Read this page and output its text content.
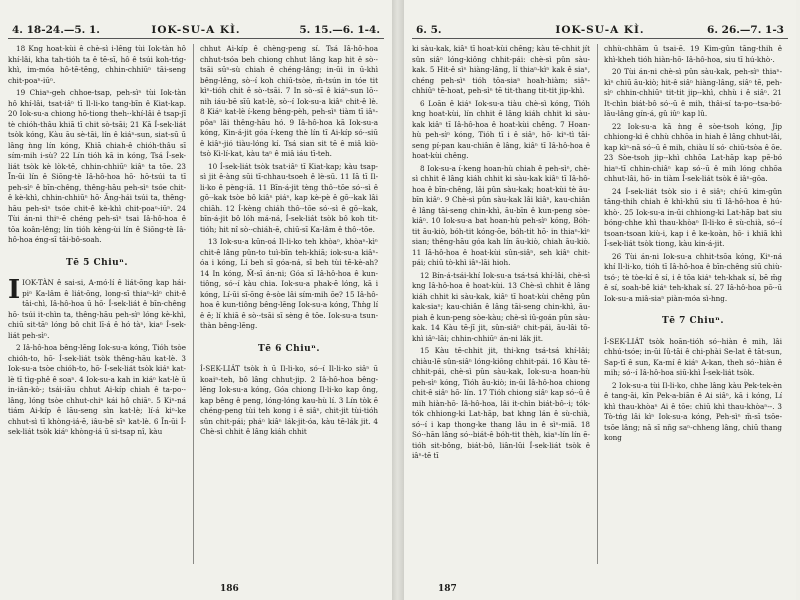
4. 18-24.—5. 1.	IOK-SU-A KÌ.	5. 15.—6. 1-4.

18 Kng hoat-kùi ê chè-sì i-lêng tùi Iok-tàn hô khí-lâi, kha tah-tióh ta ê tē-sī, hô ê tsúi koh-tńg-khì, im-móa hô-tē-tēng, chhin-chhiūⁿ tāi-seng chit-poaⁿ-iūⁿ.

19 Chiaⁿ-geh chhoe-tsap, peh-sìⁿ tùi Iok-tàn hô khí-lâi, tsat-iâⁿ tī Il-li-ko tang-bīn ê Kiat-kap. 20 Iok-su-a chiong hō-tiong theh-·khí-lâi ê tsap-jī tè chióh-thâu khiā tī chit sò-tsāi; 21 Kā Í-sek-liát tsòk kóng, Kàu āu sè-tāi, lín ê kiáⁿ-sun, siat-sū ū lâng ǹng lín kóng, Khiā chiah-ê chióh-thâu sī sím-mih i-sù? 22 Lín tióh kā in kóng, Tsá Í-sek-liát tsòk kè lòk-tē, chhin-chhiūⁿ kiâⁿ ta tōe. 23 Īn-ūi lín ê Siōng-tè Iâ-hô-hoa hō· hō-tsúi ta tī peh-sìⁿ ê bīn-chêng, thêng-hāu peh-sìⁿ tsóe chit-ê kè-khì, chhin-chhiūⁿ hō· Âng-hái tsúi ta, thêng-hāu peh-sìⁿ tsóe chit-ê kè-khì chit-poaⁿ-iūⁿ. 24 Tùi án-ni thiⁿ-ē chéng peh-sìⁿ tsai Iâ-hô-hoa ê tōa koân-lêng; lín tióh kèng-ùi lín ê Siōng-tè Iâ-hô-hoa éng-sī tāi-bô-soah.

Tē 5 Chiuⁿ.

IIOK-TÀN ê sai-si, A-mó·lí ê liát-ōng kap hái-piⁿ Ka-lâm ê liát-ōng, long-sī thiaⁿ-kìⁿ chit-ê tāi-chì, Iâ-hô-hoa ū hō· Í-sek-liát ê bīn-chêng hō· tsúi it-chìn ta, thêng-hāu peh-sìⁿ lóng kè-khì, chiū sit-tāⁿ lóng bô chit lī-á ê hó tàⁿ, kiaⁿ Í-sek-liát peh-sìⁿ.

2 Iâ-hô-hoa bêng-lēng Iok-su-a kóng, Tióh tsòe chióh-to, hō· Í-sek-liát tsòk thêng-hāu kat-lè. 3 Iok-su-a tsòe chióh-to, hō· Í-sek-liát tsòk kiáⁿ kat-lè tī tìg-phê ê soaⁿ. 4 Iok-su-a kah in kiáⁿ kat-lè ū in-iân-kò·; tsái-iāu chhut Ai-kíp chiah ê ta-po·-lâng, lóng tsòe chhut-chiⁿ kái hô chiāⁿ. 5 Kiⁿ-ná tiám Ai-kíp ê lāu-seng sìn kat-lè; lí-á kiⁿ-ke chhut-sì tī khòng-iá-ē, iâu-bē sīⁿ kat-lè. 6 În-ūi Í-sek-liát tsòk kiáⁿ khòng-iá ū si-tsap nî, kàu

chhut Ai-kíp ê chèng-peng sí. Tsá Iâ-hô-hoa chhut-tsóa beh chiong chhut lâng kap hit ê sò·-tsāi sūⁿ-sù chiah ê chéng-lâng; in-ūi in ū-khì bêng-lêng, sò·-í koh chiū-tsòe, m̄-tsún in tóe tit kìⁿ-tióh chit ê sò·-tsāi. 7 In sò·-sī ê kiáⁿ-sun lō·-nih iáu-bē sīū kat-lè, sò·-í Iok-su-a kiâⁿ chit-ê lè. 8 Kiáⁿ kat-lè í-keng bêng-pèh, peh-sìⁿ tiàm tī iâⁿ-pôaⁿ lāi thêng-hāu hó. 9 Iâ-hô-hoa kā Iok-su-a kóng, Kin-á-jit góa í-keng thè lín tī Ai-kíp só·-siū ê kiâⁿ-jió tiàu-lóng kí. Tsá sian sit tē ê miâ kiò-tsò Ki-lí-kat, kàu taⁿ ê miâ iáu tī-teh.

10 Í-sek-liát tsòk tsat-iâⁿ tī Kiat-kap; kàu tsap-sì jit ê-àng sūi tī-chhau-tsoeh ê lè-sū. 11 Iā tī Il-li-ko ê pèng-iā. 11 Bīn-á-jit tèng thô·-tōe só·-sì ê gō·-kak tsòe bô kiâⁿ piáⁿ, kap kè-pè ê gō·-kak lâi chiāh. 12 Í-kèng chiáh thô·-tōe só·-sì ê gō·-kak, bīn-á-jit bô lóh má-ná, Í-sek-liát tsòk bô koh tit-tióh; hit nî sò·-chiáh-ē, chiū-sī Ka-lâm ê thô·-tōe.

13 Iok-su-a kūn-oá Il-li-ko teh khòaⁿ, khòaⁿ-kìⁿ chit-ê lâng pûn-to tuì-bīn teh-khiā; iok-su-a kiâⁿ-óa i kóng, Lí beh sī góa-ná, sī beh tùi tē-kè-ah? 14 In kóng, M̄-sī án-ni; Góa sī Iâ-hô-hoa ê kun-tiông, só·-í kàu chia. Iok-su-a phak-ē lóng, kā i kóng, Lí-ūi sī-ōng ê-sòe lâi sím-mih ōe? 15 Iâ-hô-hoa ê kun-tiông bêng-lēng Iok-su-a kóng, Thǹg lí ê ē; lí khiā ê sò·-tsāi sī sèng ê tōe. Iok-su-a tsun-thàn bêng-lēng.

Tē 6 Chiuⁿ.

Í-SEK-LIÁT tsòk ǹ ū Il-li-ko, só·-í Il-li-ko siâⁿ ū koaiⁿ-teh, bô lâng chhut-jip. 2 Iâ-hô-hoa bêng-lēng Iok-su-a kóng, Góa chiong Il-li-ko kap ông, kap bêng ê peng, lóng-lóng kau-hù lí. 3 Lín tòk ē chéng-peng tùi teh kong i ê siâⁿ, chit-jit tùi-tióh sûn chit-pái; pháⁿ kiâⁿ lák-jit-óa, kàu tē-lák jit. 4 Chè-sì chhit ê lâng kiáh chhit

186
6. 5.	IOK-SU-A KÌ.	6. 26.—7. 1-3

ki sàu-kak, kiâⁿ tī hoat-kùi chêng; kàu tē-chhit jít sûn siâⁿ lóng-kiông chhit-pái: chè-sì pûn sàu-kak. 5 Hit-ê sìⁿ hiàng-lâng, lí thiaⁿ-kìⁿ kak ê siaⁿ, chéng peh-sìⁿ tióh tōa-siaⁿ hoah-hiàm; siâⁿ-chhiûⁿ tē-hoat, peh-sìⁿ tē tit-thang tit-tit jip-khì.

6 Loān ê kiáⁿ Iok-su-a tiàu chè-sì kóng, Tióh kng hoat-kùi, lín chhit ê lâng kiáh chhit ki sàu-kak kiâⁿ tī Iâ-hô-hoa ê hoat-kùi chêng. 7 Hoan-hù peh-sìⁿ kóng, Tióh tī i ê siâⁿ, hō· kiⁿ-tì tāi-seng pí-pan kau-chiân ê lâng, kiâⁿ tī Iâ-hô-hoa ê hoat-kùi chêng.

8 Iok-su-a í-keng hoan-hù chiah ê peh-sìⁿ, chè-sì chhit ê lâng kiáh chhit ki sàu-kak kiâⁿ tī Iâ-hô-hoa ê bīn-chêng, lâi pûn sàu-kak; hoat-kùi tè āu-bīn kiâⁿ. 9 Chè-sì pûn sàu-kak lâi kiâⁿ, kau-chiân ê lâng tāi-seng chin-khì, āu-bīn ê kun-peng sòe-kiâⁿ. 10 Iok-su-a bat hoan-hù peh-sìⁿ kóng, Bóh-tit āu-kiò, bóh-tit kóng-ōe, bóh-tit hō· in thiaⁿ-kìⁿ sian; thêng-hāu góa kah lín āu-kiò, chiah āu-kiò. 11 Iâ-hô-hoa ê hoat-kùi sûn-siâⁿ, seh kiâⁿ chit-pái; chiū tò-khì iâⁿ-lāi hioh.

12 Bín-á-tsái-khí Iok-su-a tsá-tsá khí-lâi, chè-sì kng Iâ-hô-hoa ê hoat-kùi. 13 Chè-sì chhit ê lâng kiáh chhit ki sàu-kak, kiâⁿ tī hoat-kùi chêng pûn kak-siaⁿ; kau-chiân ê lâng tāi-seng chin-khì, āu-piah ê kun-peng sòe-kàu; chè-sì iû-goán pûn sàu-kak. 14 Kàu tē-jī jit, sûn-siâⁿ chit-pái, āu-lâi tō-khì iâⁿ-lāi; chhin-chhiūⁿ án-ni lák jit.

15 Kàu tē-chhit jit, thi-kng tsá-tsá khí-lâi; chiàu-lē sûn-siâⁿ lóng-kiông chhit-pái. 16 Kàu tē-chhit-pái, chè-sì pûn sàu-kak, Iok-su-a hoan-hù peh-sìⁿ kóng, Tióh āu-kiò; in-ūi Iâ-hô-hoa chiong chit-ê siâⁿ hō· lín. 17 Tióh chiong siâⁿ kap só·-ū ê mih hiàn-hō· Iâ-hô-hoa, lâi it-chìn biát-bô-·i; tók-tók chhiong-ki Lat-hāp, bat khng lán ê sù-chià, só·-í i kap thong-ke thang lâu in ê sìⁿ-miā. 18 Só·-hān lâng só·-biát-ê bóh-tit thèh, kiaⁿ-lín lín ē-tióh sit-bông, biát-bô, liân-lūi Í-sek-liát tsòk ê iâⁿ-tē tī

chhù-chhām ū tsai-ē. 19 Kim-gûn tāng-thih ê khì-kheh tióh hiàn-hō· Iâ-hô-hoa, siu tī hú-khò·.

20 Tùi án-ni chè-sì pûn sàu-kak, peh-sìⁿ thiaⁿ-kìⁿ chiū āu-kiò; hit-ê siâⁿ hiàng-lâng, siâⁿ tē, peh-sìⁿ chhin-chhiūⁿ tit-tit jip--khì, chhù i ê siâⁿ. 21 It-chìn biát-bô só·-ū ê mih, thâi-sí ta-po·-tsa-bó· lāu-lâng gín-á, gû iûⁿ kap lû.

22 Iok-su-a kā ǹng ê sòe-tsoh kóng, Jip chhiong-ki ê chhù chhōa in hiah ê lâng chhut-lâi, kap kìⁿ-nā só·-ū ê mih, chiàu lí só· chiū-tsòa ê ōe. 23 Sòe-tsoh jip--khì chhōa Lat-hāp kap pē-bó hiaⁿ-tī chhin-chiâⁿ kap só·-ū ê mih lóng chhōa chhut-lâi, hō· in tiàm Í-sek-liát tsòk ê iâⁿ-gōa.

24 Í-sek-liát tsòk sio i ê siâⁿ; chí-ū kim-gûn tāng-thih chiah ê khì-khū siu tī Iâ-hô-hoa ê hú-khò·. 25 Iok-su-a in-ūi chhiong-ki Lat-hāp bat siu bóng-chhe khì thau-khòaⁿ Il-li-ko ê sù-chià, só·-í tsoan-tsoan kiù-i, kap i ê ke-koàn, hō· i khiā khì Í-sek-liát tsòk tiong, kàu kin-á-jit.

26 Tùi án-ni Iok-su-a chhit-tsōa kóng, Kiⁿ-ná khí Il-li-ko, tióh tī Iâ-hô-hoa ê bīn-chêng siū chiù-tsó·; tè tòe-kí ê sí, i ê tōa kiáⁿ teh-khak sí, bē m̄g ê sí, soah-bē kiáⁿ teh-khak sí. 27 Iâ-hô-hoa pō·-ū Iok-su-a miâ-siaⁿ piàn-móa sì-hng.

Tē 7 Chiuⁿ.

Í-SEK-LIÁT tsòk hoān-tióh só·-hiàn ê mih, lâi chhú-tsóe; in-ūi Iû-tāi ê chi-phài Se-lat ê tāt-sun, Sap-tī ê sun, Ka-mí ê kiáⁿ A-kan, theh só·-hiàn ê mih; só·-í Iâ-hô-hoa siū-khì Í-sek-liát tsòk.

2 Iok-su-a tùi Il-li-ko, chhe lâng kàu Pek-tek-èn ê tang-āi, kīn Pek-a-biān ê Ai siâⁿ, kā i kóng, Lí khì thau-khòaⁿ Ai ê tōe: chiū khì thau-khòaⁿ--. 3 Tò-tńg lâi kìⁿ Iok-su-a kóng, Peh-sìⁿ m̄-sī tsōe-tsōe lâng; nā sī nn̄g saⁿ-chheng lâng, chiū thang kong

187
